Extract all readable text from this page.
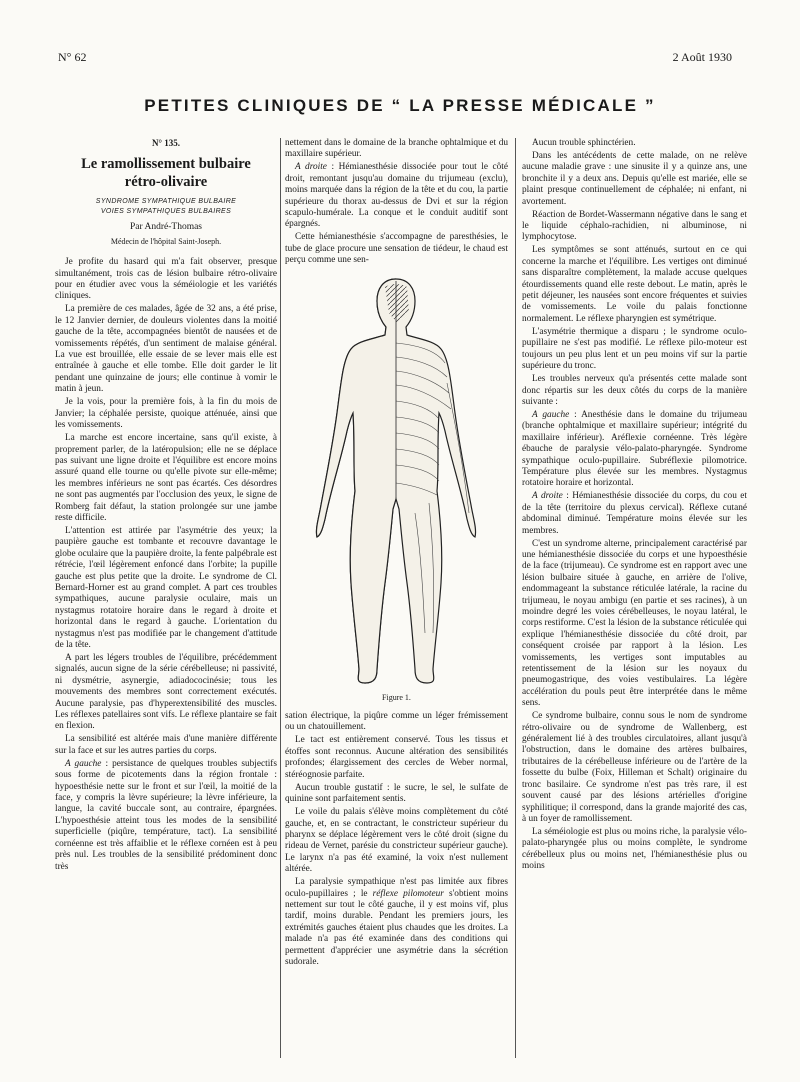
N° 62	2 Août 1930
PETITES CLINIQUES DE “ LA PRESSE MÉDICALE ”
N° 135.
Le ramollissement bulbaire
rétro-olivaire
SYNDROME SYMPATHIQUE BULBAIRE
VOIES SYMPATHIQUES BULBAIRES
Par André-Thomas
Médecin de l'hôpital Saint-Joseph.

Je profite du hasard qui m'a fait observer, presque simultanément, trois cas de lésion bulbaire rétro-olivaire pour en étudier avec vous la séméiologie et les variétés cliniques.

La première de ces malades, âgée de 32 ans, a été prise, le 12 Janvier dernier, de douleurs violentes dans la moitié gauche de la tête, accompagnées bientôt de nausées et de vomissements répétés, d'un sentiment de malaise général. La vue est brouillée, elle essaie de se lever mais elle est entraînée à gauche et elle tombe. Elle doit garder le lit pendant une quinzaine de jours; elle continue à vomir le matin à jeun.

Je la vois, pour la première fois, à la fin du mois de Janvier; la céphalée persiste, quoique atténuée, ainsi que les vomissements.

La marche est encore incertaine, sans qu'il existe, à proprement parler, de la latéropulsion; elle ne se déplace pas suivant une ligne droite et l'équilibre est encore moins assuré quand elle tourne ou qu'elle pivote sur elle-même; les membres inférieurs ne sont pas écartés. Ces désordres ne sont pas augmentés par l'occlusion des yeux, le signe de Romberg fait défaut, la station prolongée sur une jambe reste difficile.

L'attention est attirée par l'asymétrie des yeux; la paupière gauche est tombante et recouvre davantage le globe oculaire que la paupière droite, la fente palpébrale est rétrécie, l'œil légèrement enfoncé dans l'orbite; la pupille gauche est plus petite que la droite. Le syndrome de Cl. Bernard-Horner est au grand complet. A part ces troubles sympathiques, aucune paralysie oculaire, mais un nystagmus rotatoire horaire dans le regard à droite et horizontal dans le regard à gauche. L'orientation du nystagmus n'est pas modifiée par le changement d'attitude de la tête.

A part les légers troubles de l'équilibre, précédemment signalés, aucun signe de la série cérébelleuse; ni passivité, ni dysmétrie, asynergie, adiadococinésie; tous les mouvements des membres sont correctement exécutés. Aucune paralysie, pas d'hyperextensibilité des muscles. Les réflexes patellaires sont vifs. Le réflexe plantaire se fait en flexion.

La sensibilité est altérée mais d'une manière différente sur la face et sur les autres parties du corps.

A gauche : persistance de quelques troubles subjectifs sous forme de picotements dans la région frontale : hypoesthésie nette sur le front et sur l'œil, la moitié de la face, y compris la lèvre supérieure; la lèvre inférieure, la langue, la cavité buccale sont, au contraire, épargnées. L'hypoesthésie atteint tous les modes de la sensibilité superficielle (piqûre, température, tact). La sensibilité cornéenne est très affaiblie et le réflexe cornéen est à peu près nul. Les troubles de la sensibilité prédominent donc très

nettement dans le domaine de la branche ophtalmique et du maxillaire supérieur.

A droite : Hémianesthésie dissociée pour tout le côté droit, remontant jusqu'au domaine du trijumeau (exclu), moins marquée dans la région de la tête et du cou, la partie supérieure du thorax au-dessus de Dvi et sur la région scapulo-humérale. La conque et le conduit auditif sont épargnés.

Cette hémianesthésie s'accompagne de paresthésies, le tube de glace procure une sensation de tiédeur, le chaud est perçu comme une sen-

Figure 1.

sation électrique, la piqûre comme un léger frémissement ou un chatouillement.

Le tact est entièrement conservé. Tous les tissus et étoffes sont reconnus. Aucune altération des sensibilités profondes; élargissement des cercles de Weber normal, stéréognosie parfaite.

Aucun trouble gustatif : le sucre, le sel, le sulfate de quinine sont parfaitement sentis.

Le voile du palais s'élève moins complètement du côté gauche, et, en se contractant, le constricteur supérieur du pharynx se déplace légèrement vers le côté droit (signe du rideau de Vernet, parésie du constricteur supérieur gauche). Le larynx n'a pas été examiné, la voix n'est nullement altérée.

La paralysie sympathique n'est pas limitée aux fibres oculo-pupillaires ; le réflexe pilomoteur s'obtient moins nettement sur tout le côté gauche, il y est moins vif, plus tardif, moins durable. Pendant les premiers jours, les extrémités gauches étaient plus chaudes que les droites. La malade n'a pas été examinée dans des conditions qui permettent d'apprécier une asymétrie dans la sécrétion sudorale.

Aucun trouble sphinctérien.

Dans les antécédents de cette malade, on ne relève aucune maladie grave : une sinusite il y a quinze ans, une bronchite il y a deux ans. Depuis qu'elle est mariée, elle se plaint presque continuellement de céphalée; ni enfant, ni avortement.

Réaction de Bordet-Wassermann négative dans le sang et le liquide céphalo-rachidien, ni albuminose, ni lymphocytose.

Les symptômes se sont atténués, surtout en ce qui concerne la marche et l'équilibre. Les vertiges ont diminué sans disparaître complètement, la malade accuse quelques étourdissements quand elle reste debout. Le matin, après le petit déjeuner, les nausées sont encore fréquentes et suivies de vomissements. Le voile du palais fonctionne normalement. Le réflexe pharyngien est symétrique.

L'asymétrie thermique a disparu ; le syndrome oculo-pupillaire ne s'est pas modifié. Le réflexe pilo-moteur est toujours un peu plus lent et un peu moins vif sur la partie supérieure du tronc.

Les troubles nerveux qu'a présentés cette malade sont donc répartis sur les deux côtés du corps de la manière suivante :

A gauche : Anesthésie dans le domaine du trijumeau (branche ophtalmique et maxillaire supérieur; intégrité du maxillaire inférieur). Aréflexie cornéenne. Très légère ébauche de paralysie vélo-palato-pharyngée. Syndrome sympathique oculo-pupillaire. Subréflexie pilomotrice. Température plus élevée sur les membres. Nystagmus rotatoire horaire et horizontal.

A droite : Hémianesthésie dissociée du corps, du cou et de la tête (territoire du plexus cervical). Réflexe cutané abdominal diminué. Température moins élevée sur les membres.

C'est un syndrome alterne, principalement caractérisé par une hémianesthésie dissociée du corps et une hypoesthésie de la face (trijumeau). Ce syndrome est en rapport avec une lésion bulbaire située à gauche, en arrière de l'olive, endommageant la substance réticulée latérale, la racine du trijumeau, le noyau ambigu (en partie et ses racines), à un moindre degré les voies cérébelleuses, le noyau latéral, le corps restiforme. C'est la lésion de la substance réticulée qui explique l'hémianesthésie dissociée du côté droit, par conséquent croisée par rapport à la lésion. Les vomissements, les vertiges sont imputables au retentissement de la lésion sur les noyaux du pneumogastrique, des voies vestibulaires. La légère accélération du pouls peut être interprétée dans le même sens.

Ce syndrome bulbaire, connu sous le nom de syndrome rétro-olivaire ou de syndrome de Wallenberg, est généralement lié à des troubles circulatoires, allant jusqu'à l'obstruction, dans le domaine des artères bulbaires, tributaires de la cérébelleuse inférieure ou de l'artère de la fossette du bulbe (Foix, Hilleman et Schalt) originaire du tronc basilaire. Ce syndrome n'est pas très rare, il est souvent causé par des lésions artérielles d'origine syphilitique; il correspond, dans la grande majorité des cas, à un foyer de ramollissement.

La séméiologie est plus ou moins riche, la paralysie vélo-palato-pharyngée plus ou moins complète, le syndrome cérébelleux plus ou moins net, l'hémianesthésie plus ou moins
